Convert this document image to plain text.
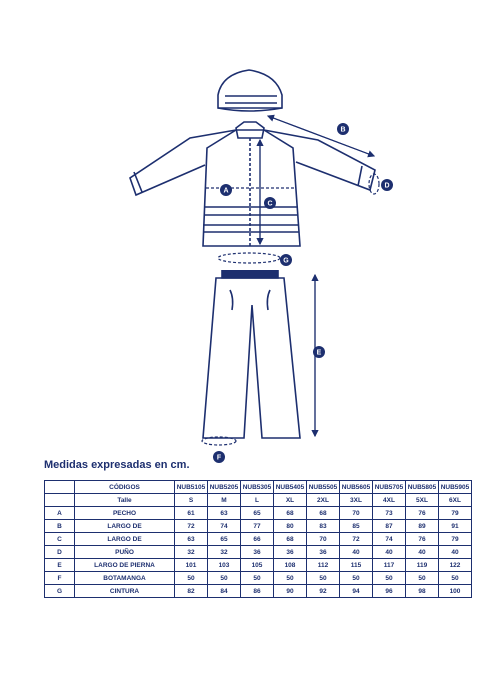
A
B
C
D
E
F
G
Medidas expresadas en cm.
	CÓDIGOS	NUB5105	NUB5205	NUB5305	NUB5405	NUB5505	NUB5605	NUB5705	NUB5805	NUB5905
	Talle	S	M	L	XL	2XL	3XL	4XL	5XL	6XL
A	PECHO	61	63	65	68	68	70	73	76	79
B	LARGO DE	72	74	77	80	83	85	87	89	91
C	LARGO DE	63	65	66	68	70	72	74	76	79
D	PUÑO	32	32	36	36	36	40	40	40	40
E	LARGO DE PIERNA	101	103	105	108	112	115	117	119	122
F	BOTAMANGA	50	50	50	50	50	50	50	50	50
G	CINTURA	82	84	86	90	92	94	96	98	100
